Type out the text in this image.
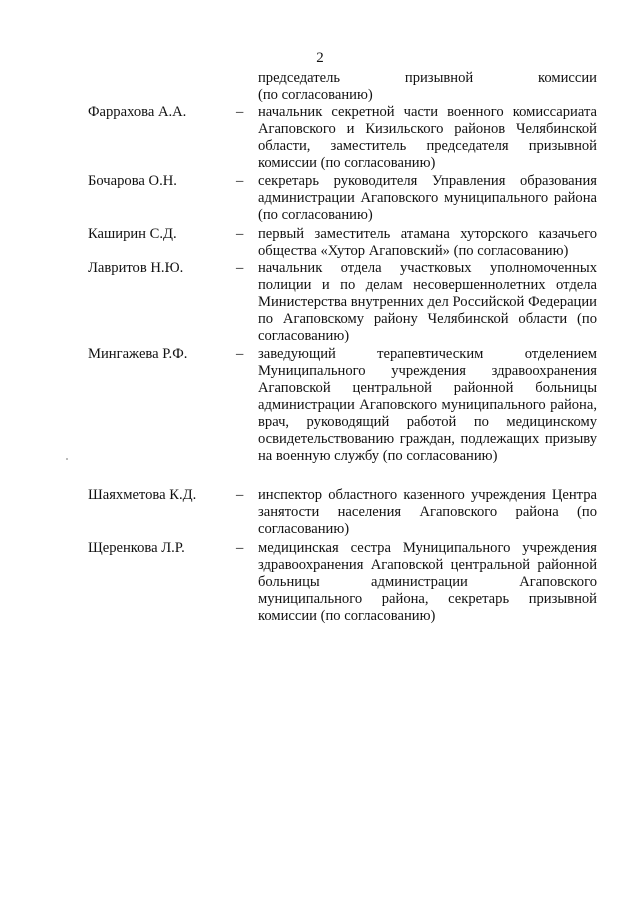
2
председатель	призывной	комиссии
(по согласованию)
Фаррахова А.А.	– начальник секретной части военного комиссариата Агаповского и Кизильского районов Челябинской области, заместитель председателя призывной комиссии (по согласованию)
Бочарова О.Н.	– секретарь руководителя Управления образования администрации Агаповского муниципального района (по согласованию)
Каширин С.Д.	– первый заместитель атамана хуторского казачьего общества «Хутор Агаповский» (по согласованию)
Лавритов Н.Ю.	– начальник отдела участковых уполномоченных полиции и по делам несовершеннолетних отдела Министерства внутренних дел Российской Федерации по Агаповскому району Челябинской области (по согласованию)
Мингажева Р.Ф.	– заведующий терапевтическим отделением Муниципального учреждения здравоохранения Агаповской центральной районной больницы администрации Агаповского муниципального района, врач, руководящий работой по медицинскому освидетельствованию граждан, подлежащих призыву на военную службу (по согласованию)
Шаяхметова К.Д.	– инспектор областного казенного учреждения Центра занятости населения Агаповского района (по согласованию)
Щеренкова Л.Р.	– медицинская сестра Муниципального учреждения здравоохранения Агаповской центральной районной больницы администрации Агаповского муниципального района, секретарь призывной комиссии (по согласованию)
